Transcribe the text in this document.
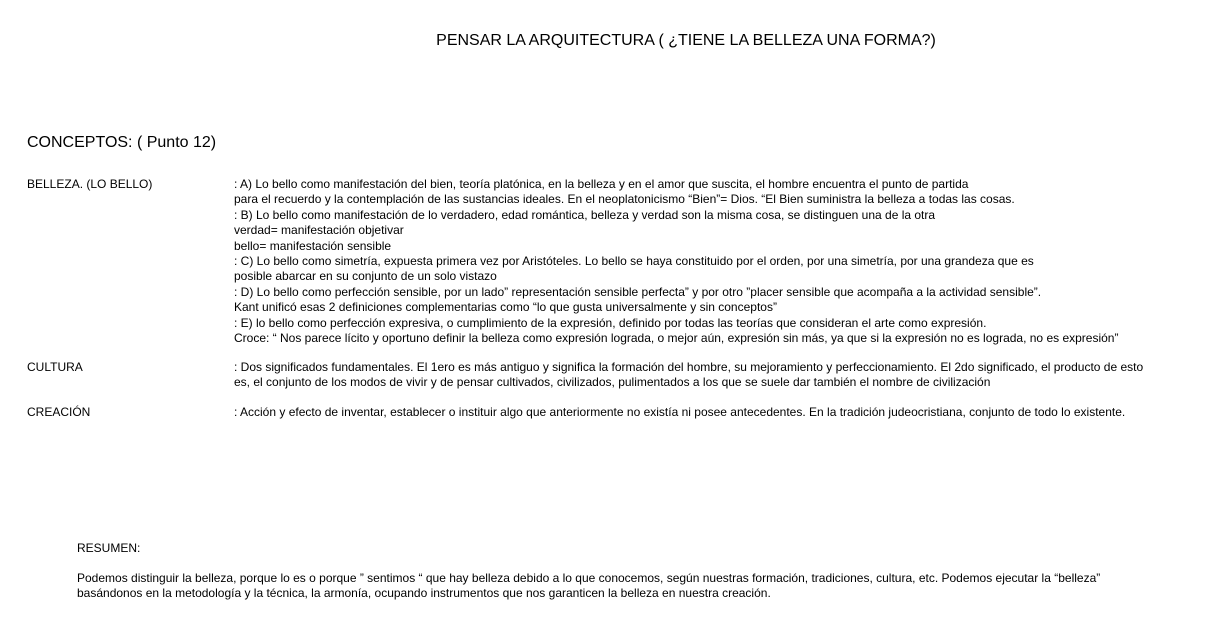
PENSAR LA ARQUITECTURA ( ¿TIENE LA BELLEZA UNA FORMA?)
CONCEPTOS: ( Punto 12)
BELLEZA. (LO BELLO)	: A) Lo bello como manifestación del bien, teoría platónica, en la belleza y en el amor que suscita, el hombre encuentra el punto de partida
para el recuerdo y la contemplación de las sustancias ideales. En el neoplatonicismo “Bien”= Dios. “El Bien suministra la belleza a todas las cosas.
: B) Lo bello como manifestación de lo verdadero, edad romántica, belleza y verdad son la misma cosa, se distinguen una de la otra
verdad= manifestación objetivar
bello= manifestación sensible
: C) Lo bello como simetría, expuesta primera vez por Aristóteles. Lo bello se haya constituido por el orden, por una simetría, por una grandeza que es
posible abarcar en su conjunto de un solo vistazo
: D) Lo bello como perfección sensible, por un lado” representación sensible perfecta” y por otro ”placer sensible que acompaña a la actividad sensible”.
Kant unificó esas 2 definiciones complementarias como “lo que gusta universalmente y sin conceptos”
: E) lo bello como perfección expresiva, o cumplimiento de la expresión, definido por todas las teorías que consideran el arte como expresión.
Croce: “ Nos parece lícito y oportuno definir la belleza como expresión lograda, o mejor aún, expresión sin más, ya que si la expresión no es lograda, no es expresión”
CULTURA	: Dos significados fundamentales. El 1ero es más antiguo y significa la formación del hombre, su mejoramiento y perfeccionamiento. El 2do significado, el producto de esto
es, el conjunto de los modos de vivir y de pensar cultivados, civilizados, pulimentados a los que se suele dar también el nombre de civilización
CREACIÓN	: Acción y efecto de inventar, establecer o instituir algo que anteriormente no existía ni posee antecedentes. En la tradición judeocristiana, conjunto de todo lo existente.
RESUMEN:
Podemos distinguir la belleza, porque lo es o porque ” sentimos “ que hay belleza debido a lo que conocemos, según nuestras formación, tradiciones, cultura, etc. Podemos ejecutar la “belleza”
basándonos en la metodología y la técnica, la armonía, ocupando instrumentos que nos garanticen la belleza en nuestra creación.
